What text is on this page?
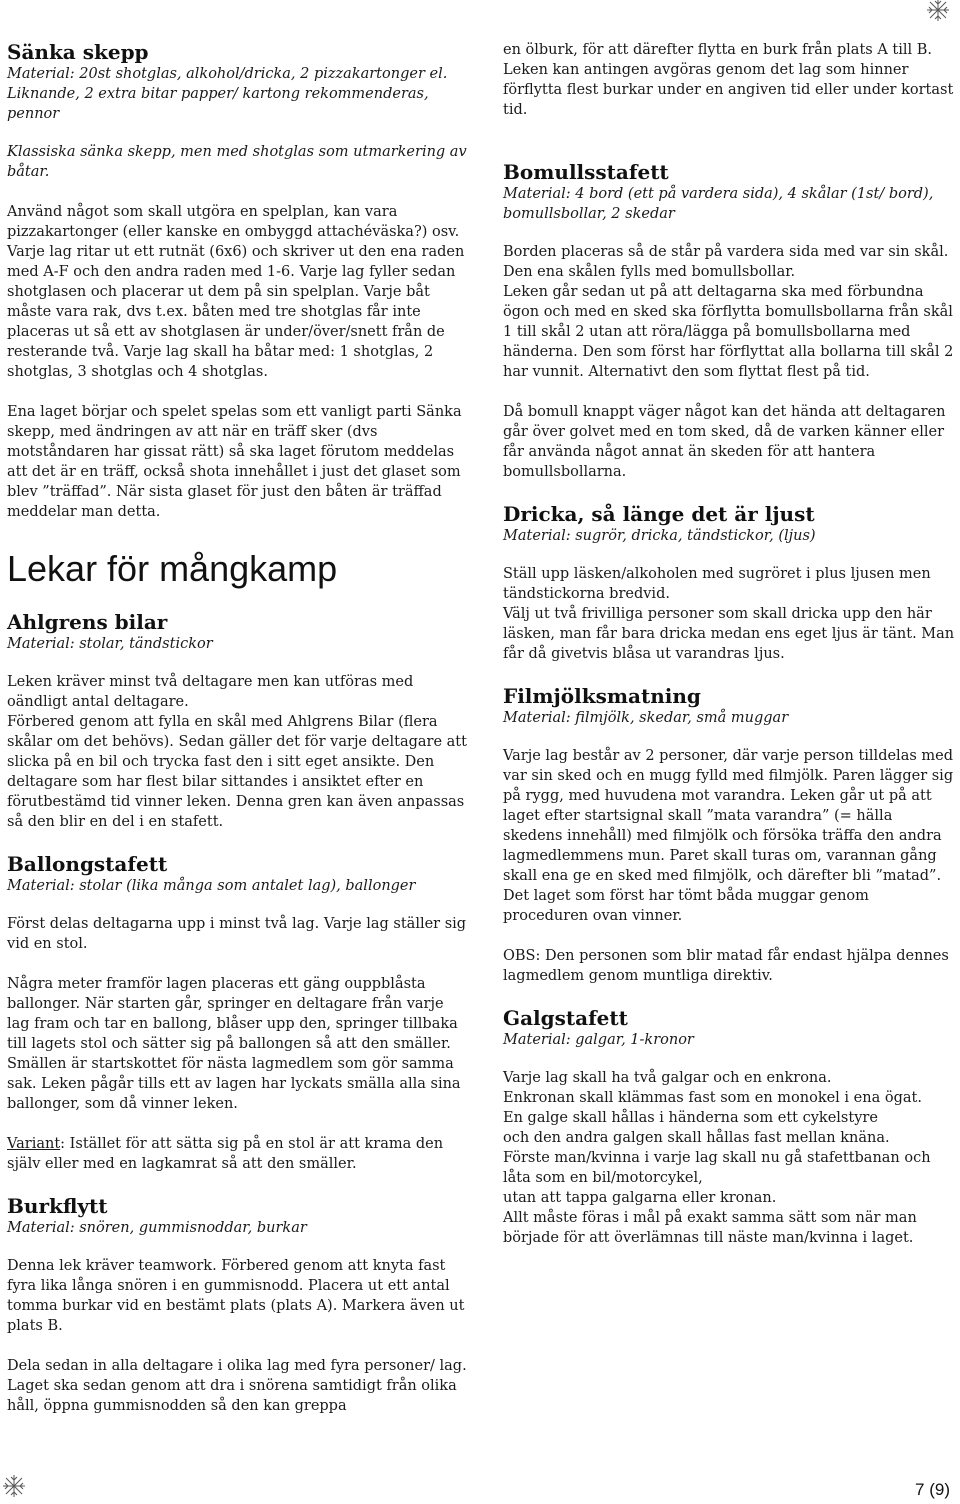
Sänka skepp

Material: 20st shotglas, alkohol/dricka, 2 pizzakartonger el. Liknande, 2 extra bitar papper/ kartong rekommenderas, pennor

Klassiska sänka skepp, men med shotglas som utmarkering av båtar.

Använd något som skall utgöra en spelplan, kan vara pizzakartonger (eller kanske en ombyggd attachéväska?) osv. Varje lag ritar ut ett rutnät (6x6) och skriver ut den ena raden med A-F och den andra raden med 1-6. Varje lag fyller sedan shotglasen och placerar ut dem på sin spelplan. Varje båt måste vara rak, dvs t.ex. båten med tre shotglas får inte placeras ut så ett av shotglasen är under/över/snett från de resterande två. Varje lag skall ha båtar med: 1 shotglas, 2 shotglas, 3 shotglas och 4 shotglas.

Ena laget börjar och spelet spelas som ett vanligt parti Sänka skepp, med ändringen av att när en träff sker (dvs motståndaren har gissat rätt) så ska laget förutom meddelas att det är en träff, också shota innehållet i just det glaset som blev ”träffad”. När sista glaset för just den båten är träffad meddelar man detta.

Lekar för mångkamp
Ahlgrens bilar

Material: stolar, tändstickor

Leken kräver minst två deltagare men kan utföras med oändligt antal deltagare.

Förbered genom att fylla en skål med Ahlgrens Bilar (flera skålar om det behövs). Sedan gäller det för varje deltagare att slicka på en bil och trycka fast den i sitt eget ansikte. Den deltagare som har flest bilar sittandes i ansiktet efter en förutbestämd tid vinner leken. Denna gren kan även anpassas så den blir en del i en stafett.

Ballongstafett

Material: stolar (lika många som antalet lag), ballonger

Först delas deltagarna upp i minst två lag. Varje lag ställer sig vid en stol.

Några meter framför lagen placeras ett gäng ouppblåsta ballonger. När starten går, springer en deltagare från varje lag fram och tar en ballong, blåser upp den, springer tillbaka till lagets stol och sätter sig på ballongen så att den smäller. Smällen är startskottet för nästa lagmedlem som gör samma sak. Leken pågår tills ett av lagen har lyckats smälla alla sina ballonger, som då vinner leken.

Variant: Istället för att sätta sig på en stol är att krama den själv eller med en lagkamrat så att den smäller.

Burkflytt

Material: snören, gummisnoddar, burkar

Denna lek kräver teamwork. Förbered genom att knyta fast fyra lika långa snören i en gummisnodd. Placera ut ett antal tomma burkar vid en bestämt plats (plats A). Markera även ut plats B.

Dela sedan in alla deltagare i olika lag med fyra personer/ lag. Laget ska sedan genom att dra i snörena samtidigt från olika håll, öppna gummisnodden så den kan greppa

en ölburk, för att därefter flytta en burk från plats A till B. Leken kan antingen avgöras genom det lag som hinner förflytta flest burkar under en angiven tid eller under kortast tid.

Bomullsstafett

Material: 4 bord (ett på vardera sida), 4 skålar (1st/ bord), bomullsbollar, 2 skedar

Borden placeras så de står på vardera sida med var sin skål. Den ena skålen fylls med bomullsbollar.

Leken går sedan ut på att deltagarna ska med förbundna ögon och med en sked ska förflytta bomullsbollarna från skål 1 till skål 2 utan att röra/lägga på bomullsbollarna med händerna. Den som först har förflyttat alla bollarna till skål 2 har vunnit. Alternativt den som flyttat flest på tid.

Då bomull knappt väger något kan det hända att deltagaren går över golvet med en tom sked, då de varken känner eller får använda något annat än skeden för att hantera bomullsbollarna.

Dricka, så länge det är ljust

Material: sugrör, dricka, tändstickor, (ljus)

Ställ upp läsken/alkoholen med sugröret i plus ljusen men tändstickorna bredvid.

Välj ut två frivilliga personer som skall dricka upp den här läsken, man får bara dricka medan ens eget ljus är tänt. Man får då givetvis blåsa ut varandras ljus.

Filmjölksmatning

Material: filmjölk, skedar, små muggar

Varje lag består av 2 personer, där varje person tilldelas med var sin sked och en mugg fylld med filmjölk. Paren lägger sig på rygg, med huvudena mot varandra. Leken går ut på att laget efter startsignal skall ”mata varandra” (= hälla skedens innehåll) med filmjölk och försöka träffa den andra lagmedlemmens mun. Paret skall turas om, varannan gång skall ena ge en sked med filmjölk, och därefter bli ”matad”. Det laget som först har tömt båda muggar genom proceduren ovan vinner.

OBS: Den personen som blir matad får endast hjälpa dennes lagmedlem genom muntliga direktiv.

Galgstafett

Material: galgar, 1-kronor

Varje lag skall ha två galgar och en enkrona.

Enkronan skall klämmas fast som en monokel i ena ögat.

En galge skall hållas i händerna som ett cykelstyre

och den andra galgen skall hållas fast mellan knäna.

Förste man/kvinna i varje lag skall nu gå stafettbanan och låta som en bil/motorcykel,

utan att tappa galgarna eller kronan.

Allt måste föras i mål på exakt samma sätt som när man började för att överlämnas till näste man/kvinna i laget.

7 (9)
